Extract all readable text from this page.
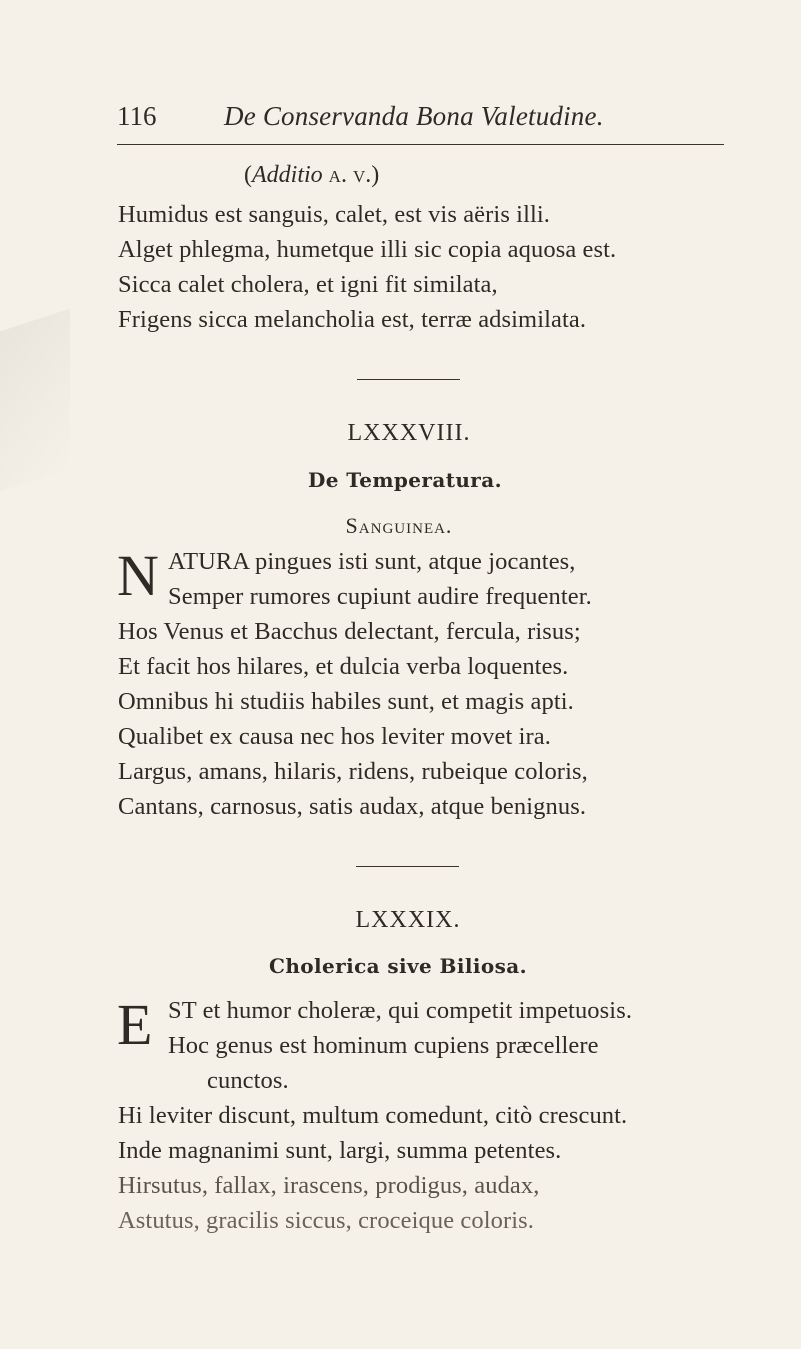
116	De Conservanda Bona Valetudine.
(Additio a. v.)
Humidus est sanguis, calet, est vis aëris illi.
Alget phlegma, humetque illi sic copia aquosa est.
Sicca calet cholera, et igni fit similata,
Frigens sicca melancholia est, terræ adsimilata.
LXXXVIII.
De Temperatura.
Sanguinea.
N ATURA pingues isti sunt, atque jocantes,
Semper rumores cupiunt audire frequenter.
Hos Venus et Bacchus delectant, fercula, risus;
Et facit hos hilares, et dulcia verba loquentes.
Omnibus hi studiis habiles sunt, et magis apti.
Qualibet ex causa nec hos leviter movet ira.
Largus, amans, hilaris, ridens, rubeique coloris,
Cantans, carnosus, satis audax, atque benignus.
LXXXIX.
Cholerica sive Biliosa.
E ST et humor choleræ, qui competit impetuosis.
Hoc genus est hominum cupiens præcellere
cunctos.
Hi leviter discunt, multum comedunt, citò crescunt.
Inde magnanimi sunt, largi, summa petentes.
Hirsutus, fallax, irascens, prodigus, audax,
Astutus, gracilis siccus, croceique coloris.
